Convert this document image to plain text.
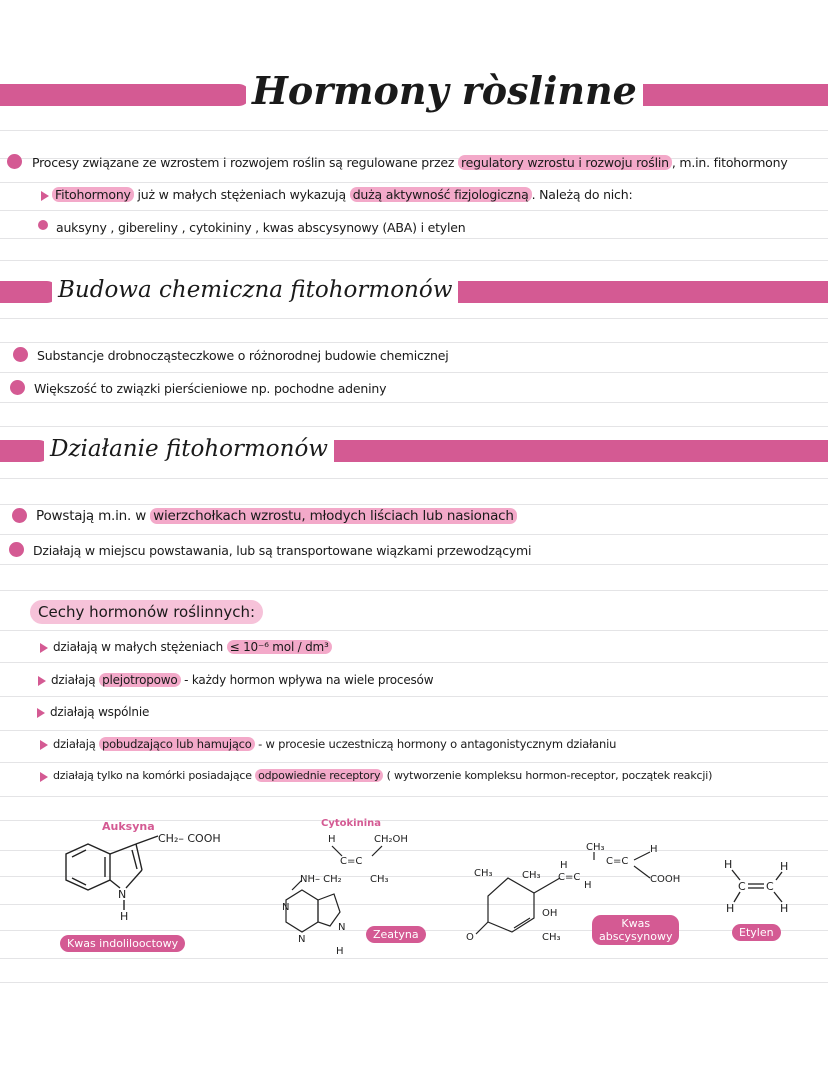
Hormony ròslinne
Procesy związane ze wzrostem i rozwojem roślin są regulowane przez regulatory wzrostu i rozwoju roślin , m.in. fitohormony
Fitohormony już w małych stężeniach wykazują dużą aktywność fizjologiczną . Należą do nich:
auksyny , gibereliny , cytokininy , kwas abscysynowy (ABA) i etylen
Budowa chemiczna fitohormonów
Substancje drobnocząsteczkowe o różnorodnej budowie chemicznej
Większość to związki pierścieniowe np. pochodne adeniny
Działanie fitohormonów
Powstają m.in. w wierzchołkach wzrostu, młodych liściach lub nasionach
Działają w miejscu powstawania, lub są transportowane wiązkami przewodzącymi
Cechy hormonów roślinnych:
działają w małych stężeniach ≤ 10⁻⁶ mol / dm³
działają plejotropowo - każdy hormon wpływa na wiele procesów
działają wspólnie
działają pobudzająco lub hamująco - w procesie uczestniczą hormony o antagonistycznym działaniu
działają tylko na komórki posiadające odpowiednie receptory ( wytworzenie kompleksu hormon-receptor, początek reakcji)
Auksyna	Cytokinina
CH₂– COOH
N
H
Kwas indolilooctowy
H	CH₂OH
C=C
CH₃
NH– CH₂
N
N
N
H
Zeatyna
CH₃	CH₃
H
C=C
H
CH₃
C=C
H
COOH
OH
O	CH₃
Kwas
abscysynowy
H	H
H	H
C C
Etylen
